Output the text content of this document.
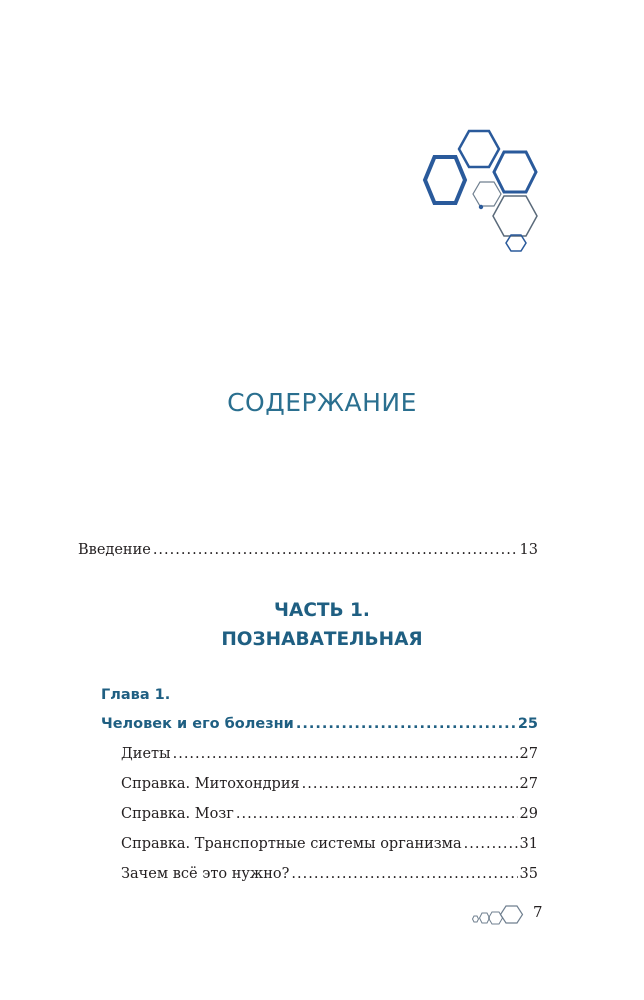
СОДЕРЖАНИЕ
Введение .....	13
ЧАСТЬ 1.
ПОЗНАВАТЕЛЬНАЯ
Глава 1.
Человек и его болезни .....	25
Диеты .....	27
Справка. Митохондрия .....	27
Справка. Мозг .....	29
Справка. Транспортные системы организма .....	31
Зачем всё это нужно? .....	35
7
